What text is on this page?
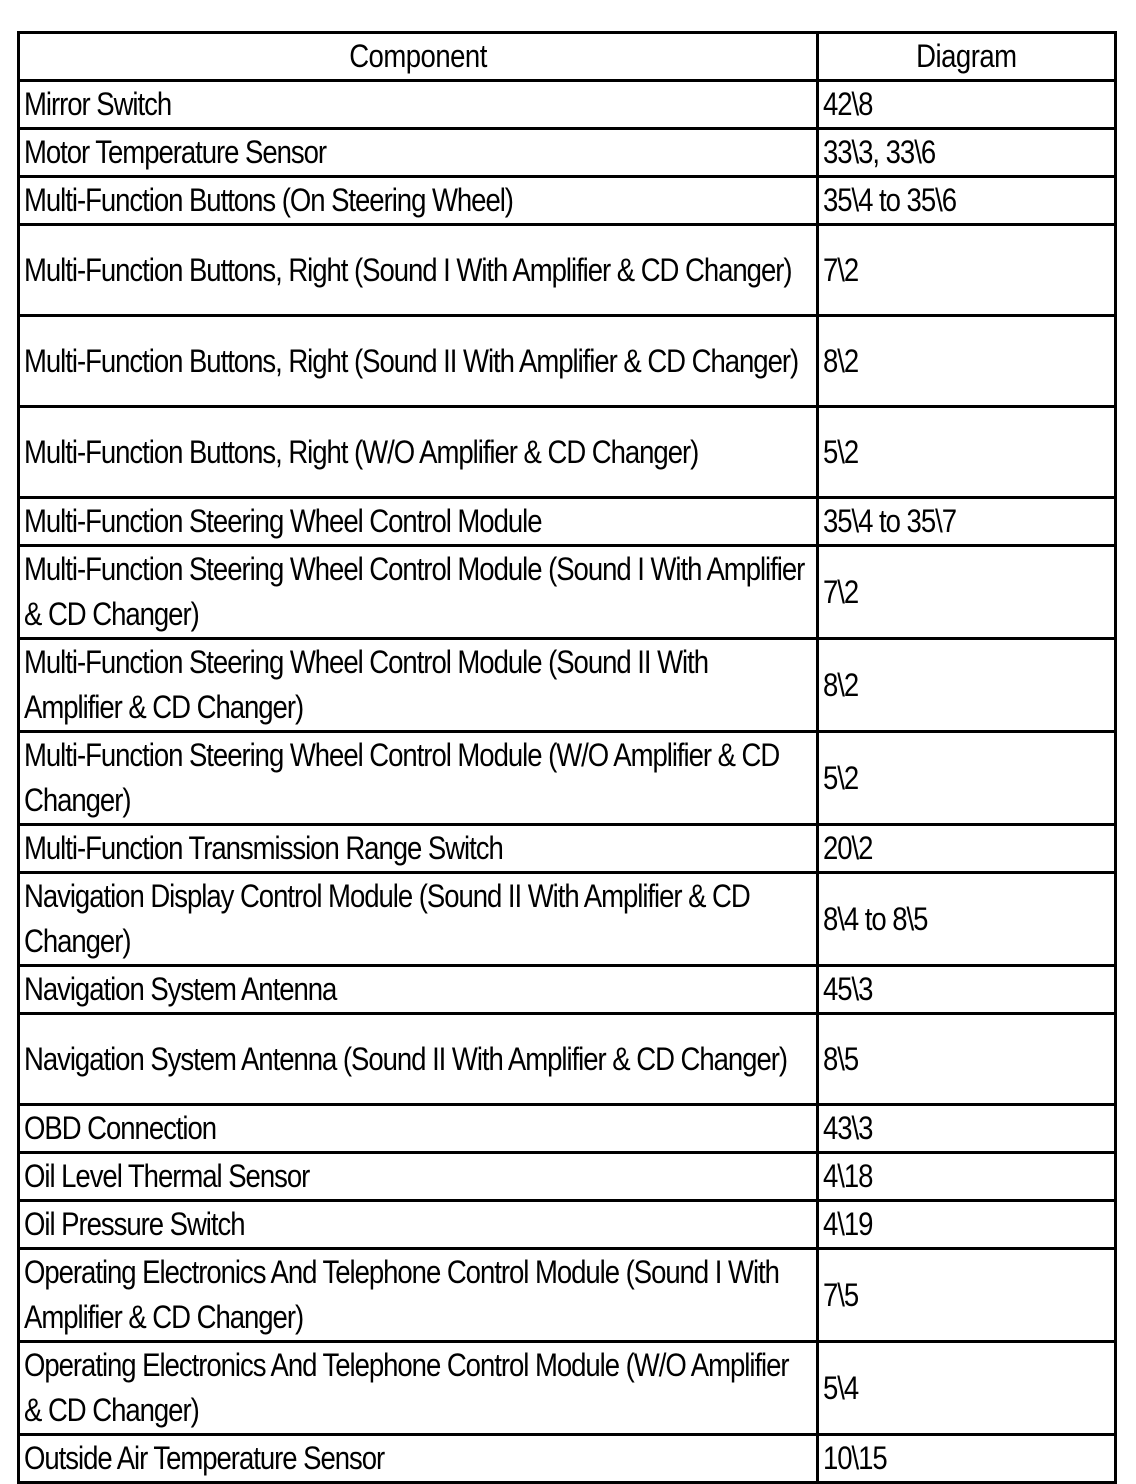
Component	Diagram
Mirror Switch	42\8
Motor Temperature Sensor	33\3, 33\6
Multi-Function Buttons (On Steering Wheel)	35\4 to 35\6
Multi-Function Buttons, Right (Sound I With Amplifier & CD Changer)	7\2
Multi-Function Buttons, Right (Sound II With Amplifier & CD Changer)	8\2
Multi-Function Buttons, Right (W/O Amplifier & CD Changer)	5\2
Multi-Function Steering Wheel Control Module	35\4 to 35\7
Multi-Function Steering Wheel Control Module (Sound I With Amplifier & CD Changer)	7\2
Multi-Function Steering Wheel Control Module (Sound II With Amplifier & CD Changer)	8\2
Multi-Function Steering Wheel Control Module (W/O Amplifier & CD Changer)	5\2
Multi-Function Transmission Range Switch	20\2
Navigation Display Control Module (Sound II With Amplifier & CD Changer)	8\4 to 8\5
Navigation System Antenna	45\3
Navigation System Antenna (Sound II With Amplifier & CD Changer)	8\5
OBD Connection	43\3
Oil Level Thermal Sensor	4\18
Oil Pressure Switch	4\19
Operating Electronics And Telephone Control Module (Sound I With Amplifier & CD Changer)	7\5
Operating Electronics And Telephone Control Module (W/O Amplifier & CD Changer)	5\4
Outside Air Temperature Sensor	10\15
